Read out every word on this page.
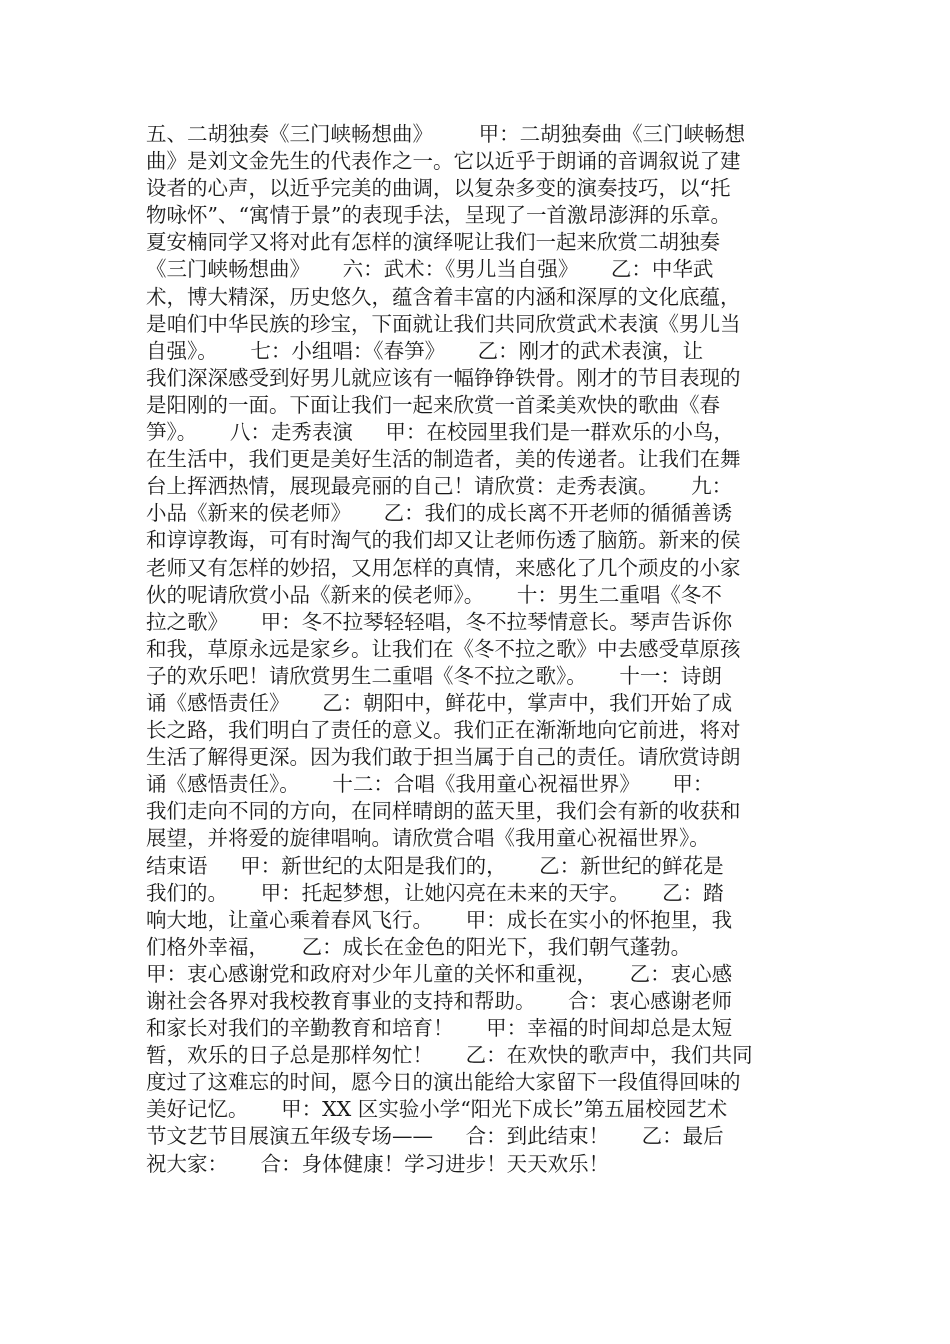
五、二胡独奏《三门峡畅想曲》       甲：二胡独奏曲《三门峡畅想
曲》是刘文金先生的代表作之一。它以近乎于朗诵的音调叙说了建
设者的心声，以近乎完美的曲调，以复杂多变的演奏技巧，以“托
物咏怀”、“寓情于景”的表现手法，呈现了一首激昂澎湃的乐章。
夏安楠同学又将对此有怎样的演绎呢让我们一起来欣赏二胡独奏
《三门峡畅想曲》     六：武术：《男儿当自强》     乙：中华武
术，博大精深，历史悠久，蕴含着丰富的内涵和深厚的文化底蕴，
是咱们中华民族的珍宝，下面就让我们共同欣赏武术表演《男儿当
自强》。     七：小组唱：《春笋》     乙：刚才的武术表演，让
我们深深感受到好男儿就应该有一幅铮铮铁骨。刚才的节目表现的
是阳刚的一面。下面让我们一起来欣赏一首柔美欢快的歌曲《春
笋》。     八：走秀表演     甲：在校园里我们是一群欢乐的小鸟，
在生活中，我们更是美好生活的制造者，美的传递者。让我们在舞
台上挥洒热情，展现最亮丽的自己！请欣赏：走秀表演。     九：
小品《新来的侯老师》     乙：我们的成长离不开老师的循循善诱
和谆谆教诲，可有时淘气的我们却又让老师伤透了脑筋。新来的侯
老师又有怎样的妙招，又用怎样的真情，来感化了几个顽皮的小家
伙的呢请欣赏小品《新来的侯老师》。     十：男生二重唱《冬不
拉之歌》     甲：冬不拉琴轻轻唱，冬不拉琴情意长。琴声告诉你
和我，草原永远是家乡。让我们在《冬不拉之歌》中去感受草原孩
子的欢乐吧！请欣赏男生二重唱《冬不拉之歌》。     十一：诗朗
诵《感悟责任》     乙：朝阳中，鲜花中，掌声中，我们开始了成
长之路，我们明白了责任的意义。我们正在渐渐地向它前进，将对
生活了解得更深。因为我们敢于担当属于自己的责任。请欣赏诗朗
诵《感悟责任》。     十二：合唱《我用童心祝福世界》     甲：
我们走向不同的方向，在同样晴朗的蓝天里，我们会有新的收获和
展望，并将爱的旋律唱响。请欣赏合唱《我用童心祝福世界》。
结束语     甲：新世纪的太阳是我们的，     乙：新世纪的鲜花是
我们的。     甲：托起梦想，让她闪亮在未来的天宇。     乙：踏
响大地，让童心乘着春风飞行。     甲：成长在实小的怀抱里，我
们格外幸福，     乙：成长在金色的阳光下，我们朝气蓬勃。
甲：衷心感谢党和政府对少年儿童的关怀和重视，     乙：衷心感
谢社会各界对我校教育事业的支持和帮助。     合：衷心感谢老师
和家长对我们的辛勤教育和培育！     甲：幸福的时间却总是太短
暂，欢乐的日子总是那样匆忙！     乙：在欢快的歌声中，我们共同
度过了这难忘的时间，愿今日的演出能给大家留下一段值得回味的
美好记忆。     甲：XX 区实验小学“阳光下成长”第五届校园艺术
节文艺节目展演五年级专场——     合：到此结束！     乙：最后
祝大家：     合：身体健康！学习进步！天天欢乐！
